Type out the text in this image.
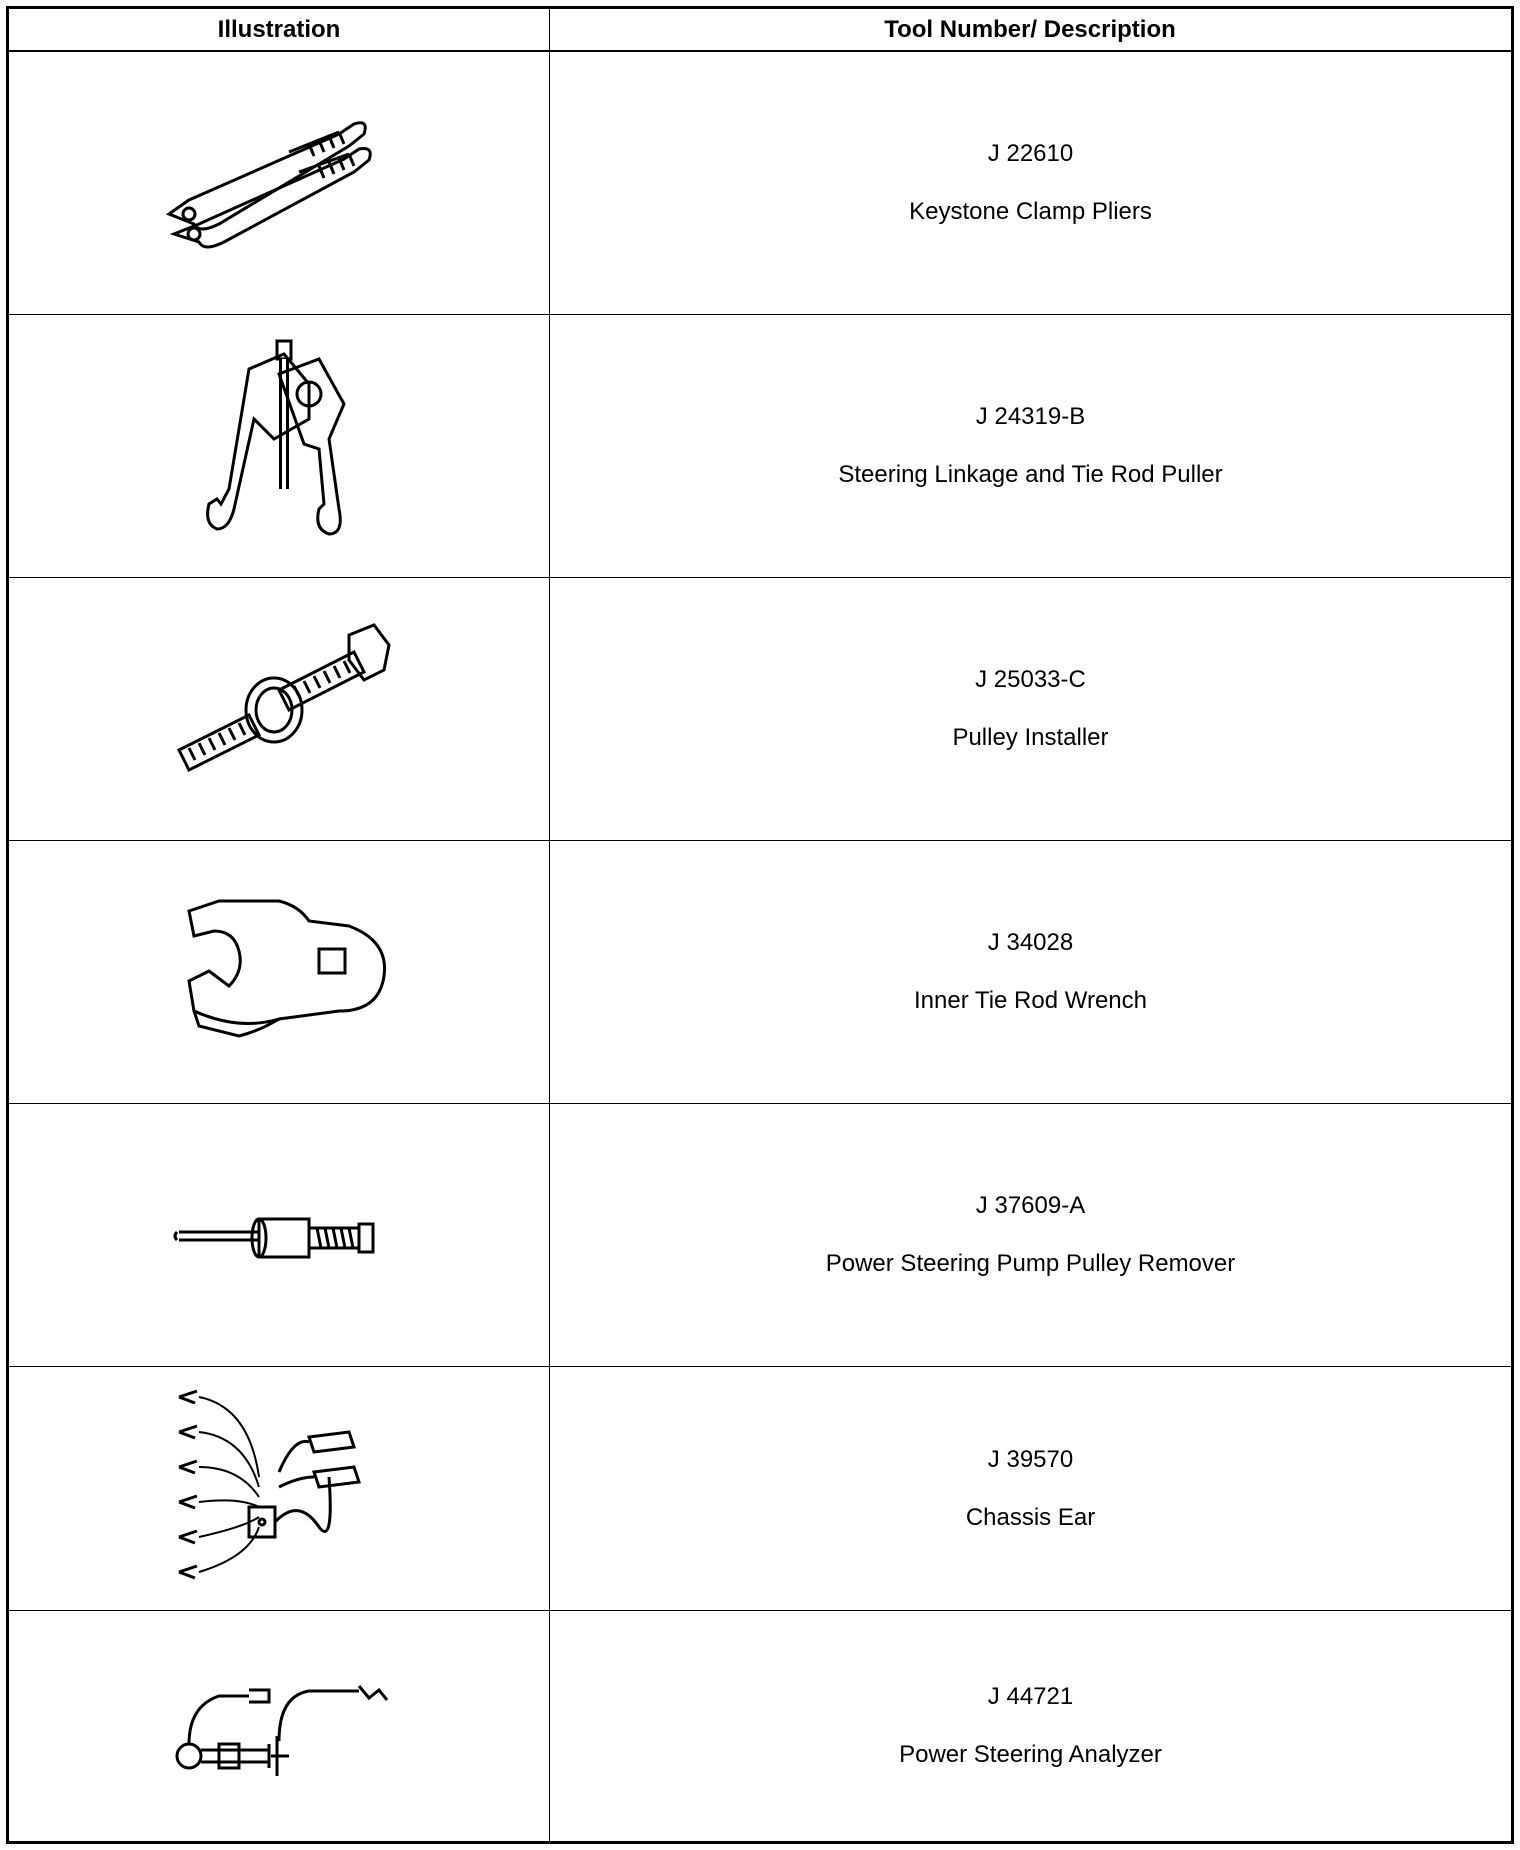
Illustration	Tool Number/ Description
J 22610
Keystone Clamp Pliers
J 24319-B
Steering Linkage and Tie Rod Puller
J 25033-C
Pulley Installer
J 34028
Inner Tie Rod Wrench
J 37609-A
Power Steering Pump Pulley Remover
J 39570
Chassis Ear
J 44721
Power Steering Analyzer
